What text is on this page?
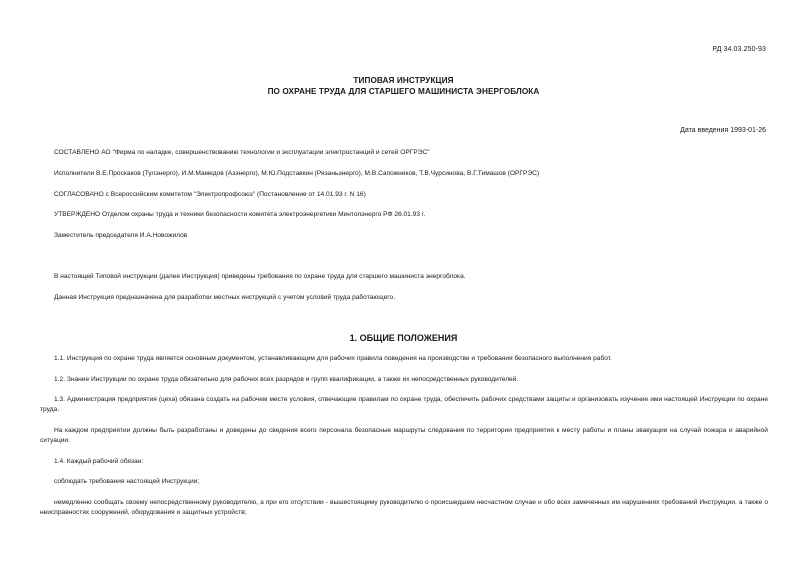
РД 34.03.250-93
ТИПОВАЯ ИНСТРУКЦИЯ
ПО ОХРАНЕ ТРУДА ДЛЯ СТАРШЕГО МАШИНИСТА ЭНЕРГОБЛОКА
Дата введения 1993-01-26
СОСТАВЛЕНО АО "Фирма по наладке, совершенствованию технологии и эксплуатации электростанций и сетей ОРГРЭС"
Исполнители В.Е.Проскаков (Тулэнерго), И.М.Мамедов (Азэнерго), М.Ю.Подставкин (Рязаньэнерго), М.В.Сапожников, Т.В.Чурсинова, В.Г.Тимашов (ОРГРЭС)
СОГЛАСОВАНО с Всероссийским комитетом "Электропрофсоюз" (Постановление от 14.01.93 г. N 16)
УТВЕРЖДЕНО Отделом охраны труда и техники безопасности комитета электроэнергетики Минтопэнерго РФ 26.01.93 г.
Заместитель председателя И.А.Новожилов
В настоящей Типовой инструкции (далее Инструкция) приведены требования по охране труда для старшего машиниста энергоблока.
Данная Инструкция предназначена для разработки местных инструкций с учетом условий труда работающего.
1. ОБЩИЕ ПОЛОЖЕНИЯ
1.1. Инструкция по охране труда является основным документом, устанавливающим для рабочих правила поведения на производстве и требования безопасного выполнения работ.
1.2. Знание Инструкции по охране труда обязательно для рабочих всех разрядов и групп квалификации, а также их непосредственных руководителей.
1.3. Администрация предприятия (цеха) обязана создать на рабочем месте условия, отвечающие правилам по охране труда, обеспечить рабочих средствами защиты и организовать изучение ими настоящей Инструкции по охране труда.
На каждом предприятии должны быть разработаны и доведены до сведения всего персонала безопасные маршруты следования по территории предприятия к месту работы и планы эвакуации на случай пожара и аварийной ситуации.
1.4. Каждый рабочий обязан:
соблюдать требования настоящей Инструкции;
немедленно сообщать своему непосредственному руководителю, а при его отсутствии - вышестоящему руководителю о происшедшем несчастном случае и обо всех замеченных им нарушениях требований Инструкции, а также о неисправностях сооружений, оборудования и защитных устройств;
